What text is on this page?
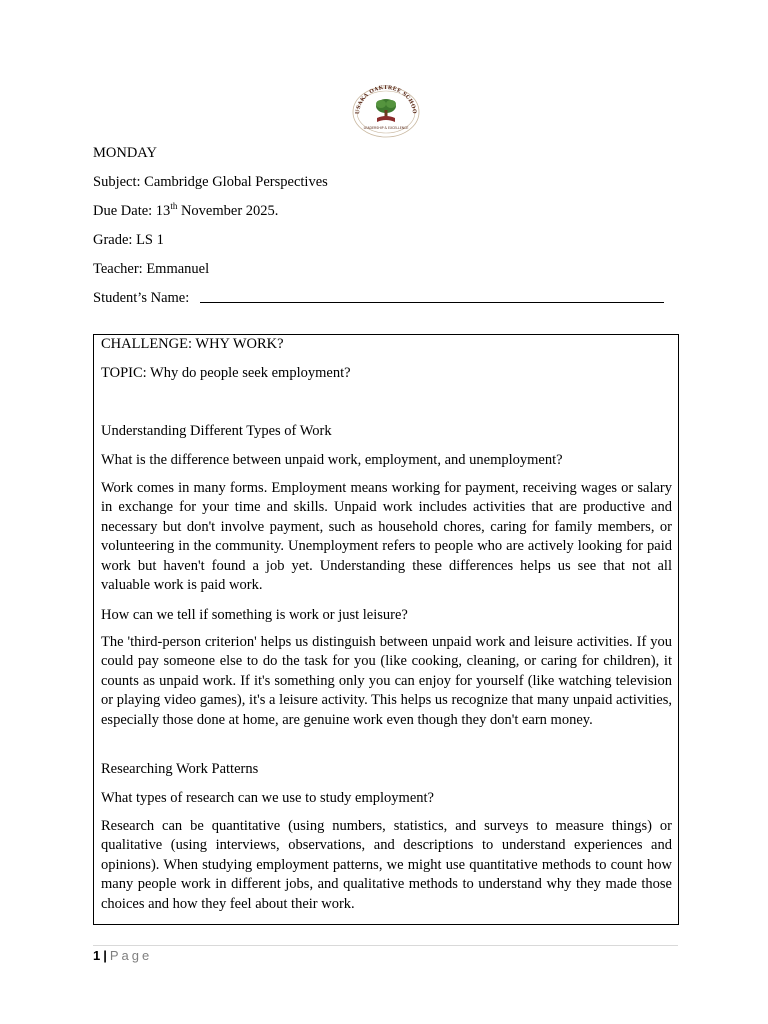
USAKA OAKTREE SCHOO
LEADERSHIP & EXCELLENCE
MONDAY
Subject: Cambridge Global Perspectives
Due Date: 13th November 2025.
Grade: LS 1
Teacher: Emmanuel
Student’s Name:
CHALLENGE: WHY WORK?
TOPIC: Why do people seek employment?
Understanding Different Types of Work
What is the difference between unpaid work, employment, and unemployment?
Work comes in many forms. Employment means working for payment, receiving wages or salary in exchange for your time and skills. Unpaid work includes activities that are productive and necessary but don't involve payment, such as household chores, caring for family members, or volunteering in the community. Unemployment refers to people who are actively looking for paid work but haven't found a job yet. Understanding these differences helps us see that not all valuable work is paid work.
How can we tell if something is work or just leisure?
The 'third-person criterion' helps us distinguish between unpaid work and leisure activities. If you could pay someone else to do the task for you (like cooking, cleaning, or caring for children), it counts as unpaid work. If it's something only you can enjoy for yourself (like watching television or playing video games), it's a leisure activity. This helps us recognize that many unpaid activities, especially those done at home, are genuine work even though they don't earn money.
Researching Work Patterns
What types of research can we use to study employment?
Research can be quantitative (using numbers, statistics, and surveys to measure things) or qualitative (using interviews, observations, and descriptions to understand experiences and opinions). When studying employment patterns, we might use quantitative methods to count how many people work in different jobs, and qualitative methods to understand why they made those choices and how they feel about their work.
1 | Page
